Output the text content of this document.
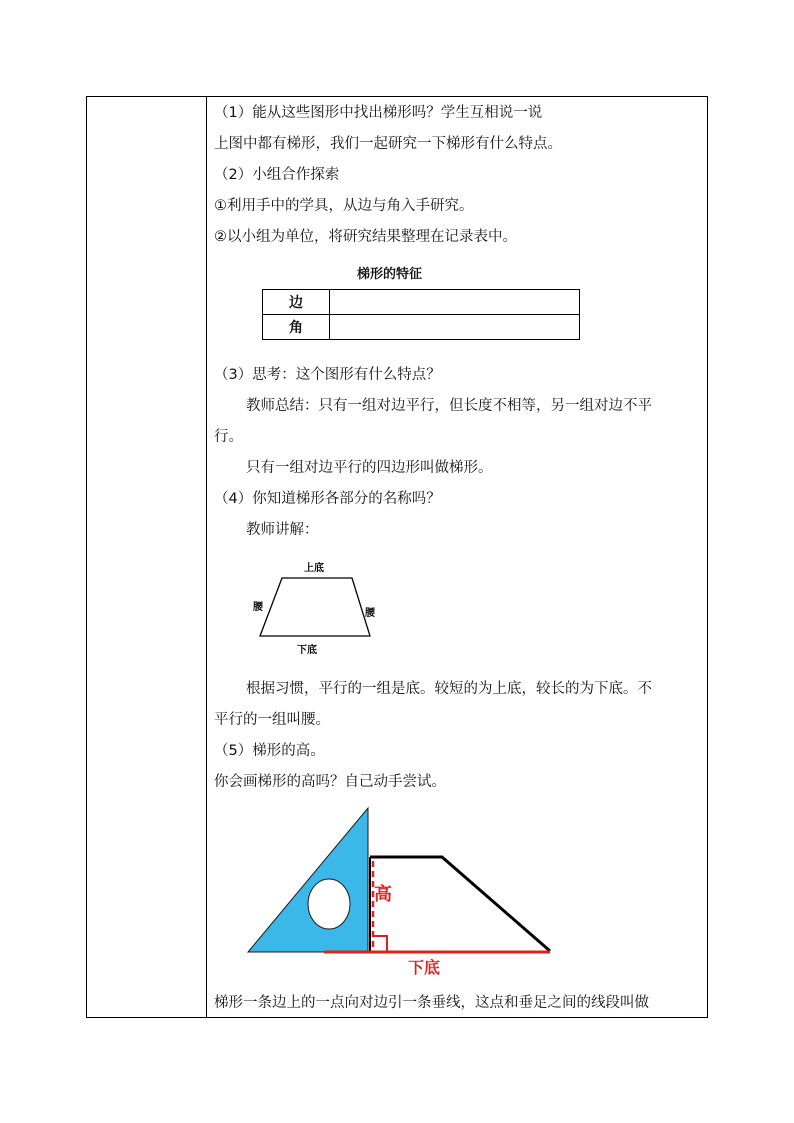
（1）能从这些图形中找出梯形吗？学生互相说一说
上图中都有梯形，我们一起研究一下梯形有什么特点。
（2）小组合作探索
①利用手中的学具，从边与角入手研究。
②以小组为单位，将研究结果整理在记录表中。
梯形的特征
边	
角	
（3）思考：这个图形有什么特点？
教师总结：只有一组对边平行，但长度不相等，另一组对边不平
行。
只有一组对边平行的四边形叫做梯形。
（4）你知道梯形各部分的名称吗？
教师讲解：
上底
腰
腰
下底
根据习惯，平行的一组是底。较短的为上底，较长的为下底。不
平行的一组叫腰。
（5）梯形的高。
你会画梯形的高吗？自己动手尝试。
高
下底
梯形一条边上的一点向对边引一条垂线，这点和垂足之间的线段叫做
